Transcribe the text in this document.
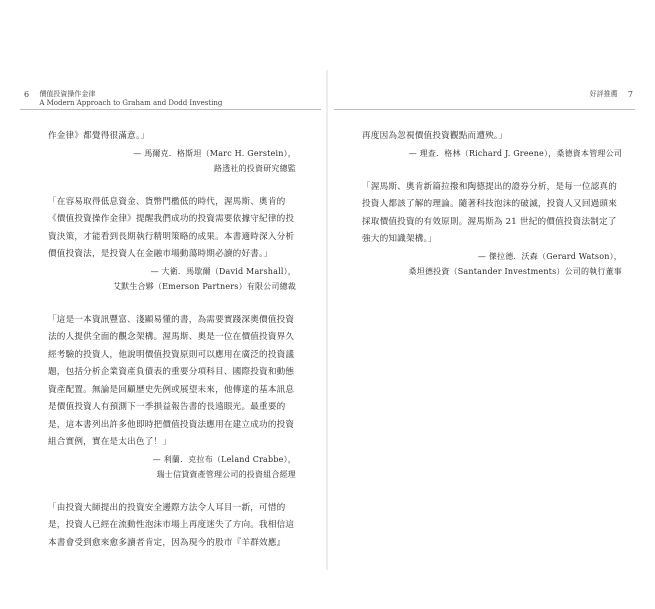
6 價值投資操作金律
A Modern Approach to Graham and Dodd Investing

作金律》都覺得很滿意。」

— 馬爾克．格斯坦（Marc H. Gerstein），
路透社的投資研究總監

「在容易取得低息資金、貨幣門檻低的時代，渥馬斯、奧肯的《價值投資操作金律》提醒我們成功的投資需要依據守紀律的投資決策，才能看到長期執行精明策略的成果。本書適時深入分析價值投資法，是投資人在金融市場動蕩時期必讀的好書。」

— 大衛．馬歇爾（David Marshall），
艾默生合夥（Emerson Partners）有限公司總裁

「這是一本資訊豐富、淺顯易懂的書，為需要實踐深奧價值投資法的人提供全面的觀念架構。渥馬斯、奧是一位在價值投資界久經考驗的投資人，他說明價值投資原則可以應用在廣泛的投資議題，包括分析企業資產負債表的重要分項科目、國際投資和動態資產配置。無論是回顧歷史先例或展望未來，他傳達的基本訊息是價值投資人有預測下一季損益報告書的長遠眼光。最重要的是，這本書列出許多他即時把價值投資法應用在建立成功的投資組合實例，實在是太出色了！」

— 利蘭．克拉布（Leland Crabbe），
瑞士信貸資產管理公司的投資組合經理

「由投資大師提出的投資安全邊際方法令人耳目一新，可惜的是，投資人已經在流動性泡沫市場上再度迷失了方向。我相信這本書會受到愈來愈多讀者肯定，因為現今的股市『羊群效應』

好評推薦 7

再度因為忽視價值投資觀點而遭殃。」

— 理查．格林（Richard J. Greene），桑德資本管理公司

「渥馬斯、奧肯新篇拉撥和陶德提出的證券分析，是每一位認真的投資人都該了解的理論。隨著科技泡沫的破滅，投資人又回過頭來採取價值投資的有效原則。渥馬斯為 21 世紀的價值投資法制定了強大的知識架構。」

— 傑拉德．沃森（Gerard Watson），
桑坦德投資（Santander Investments）公司的執行董事
